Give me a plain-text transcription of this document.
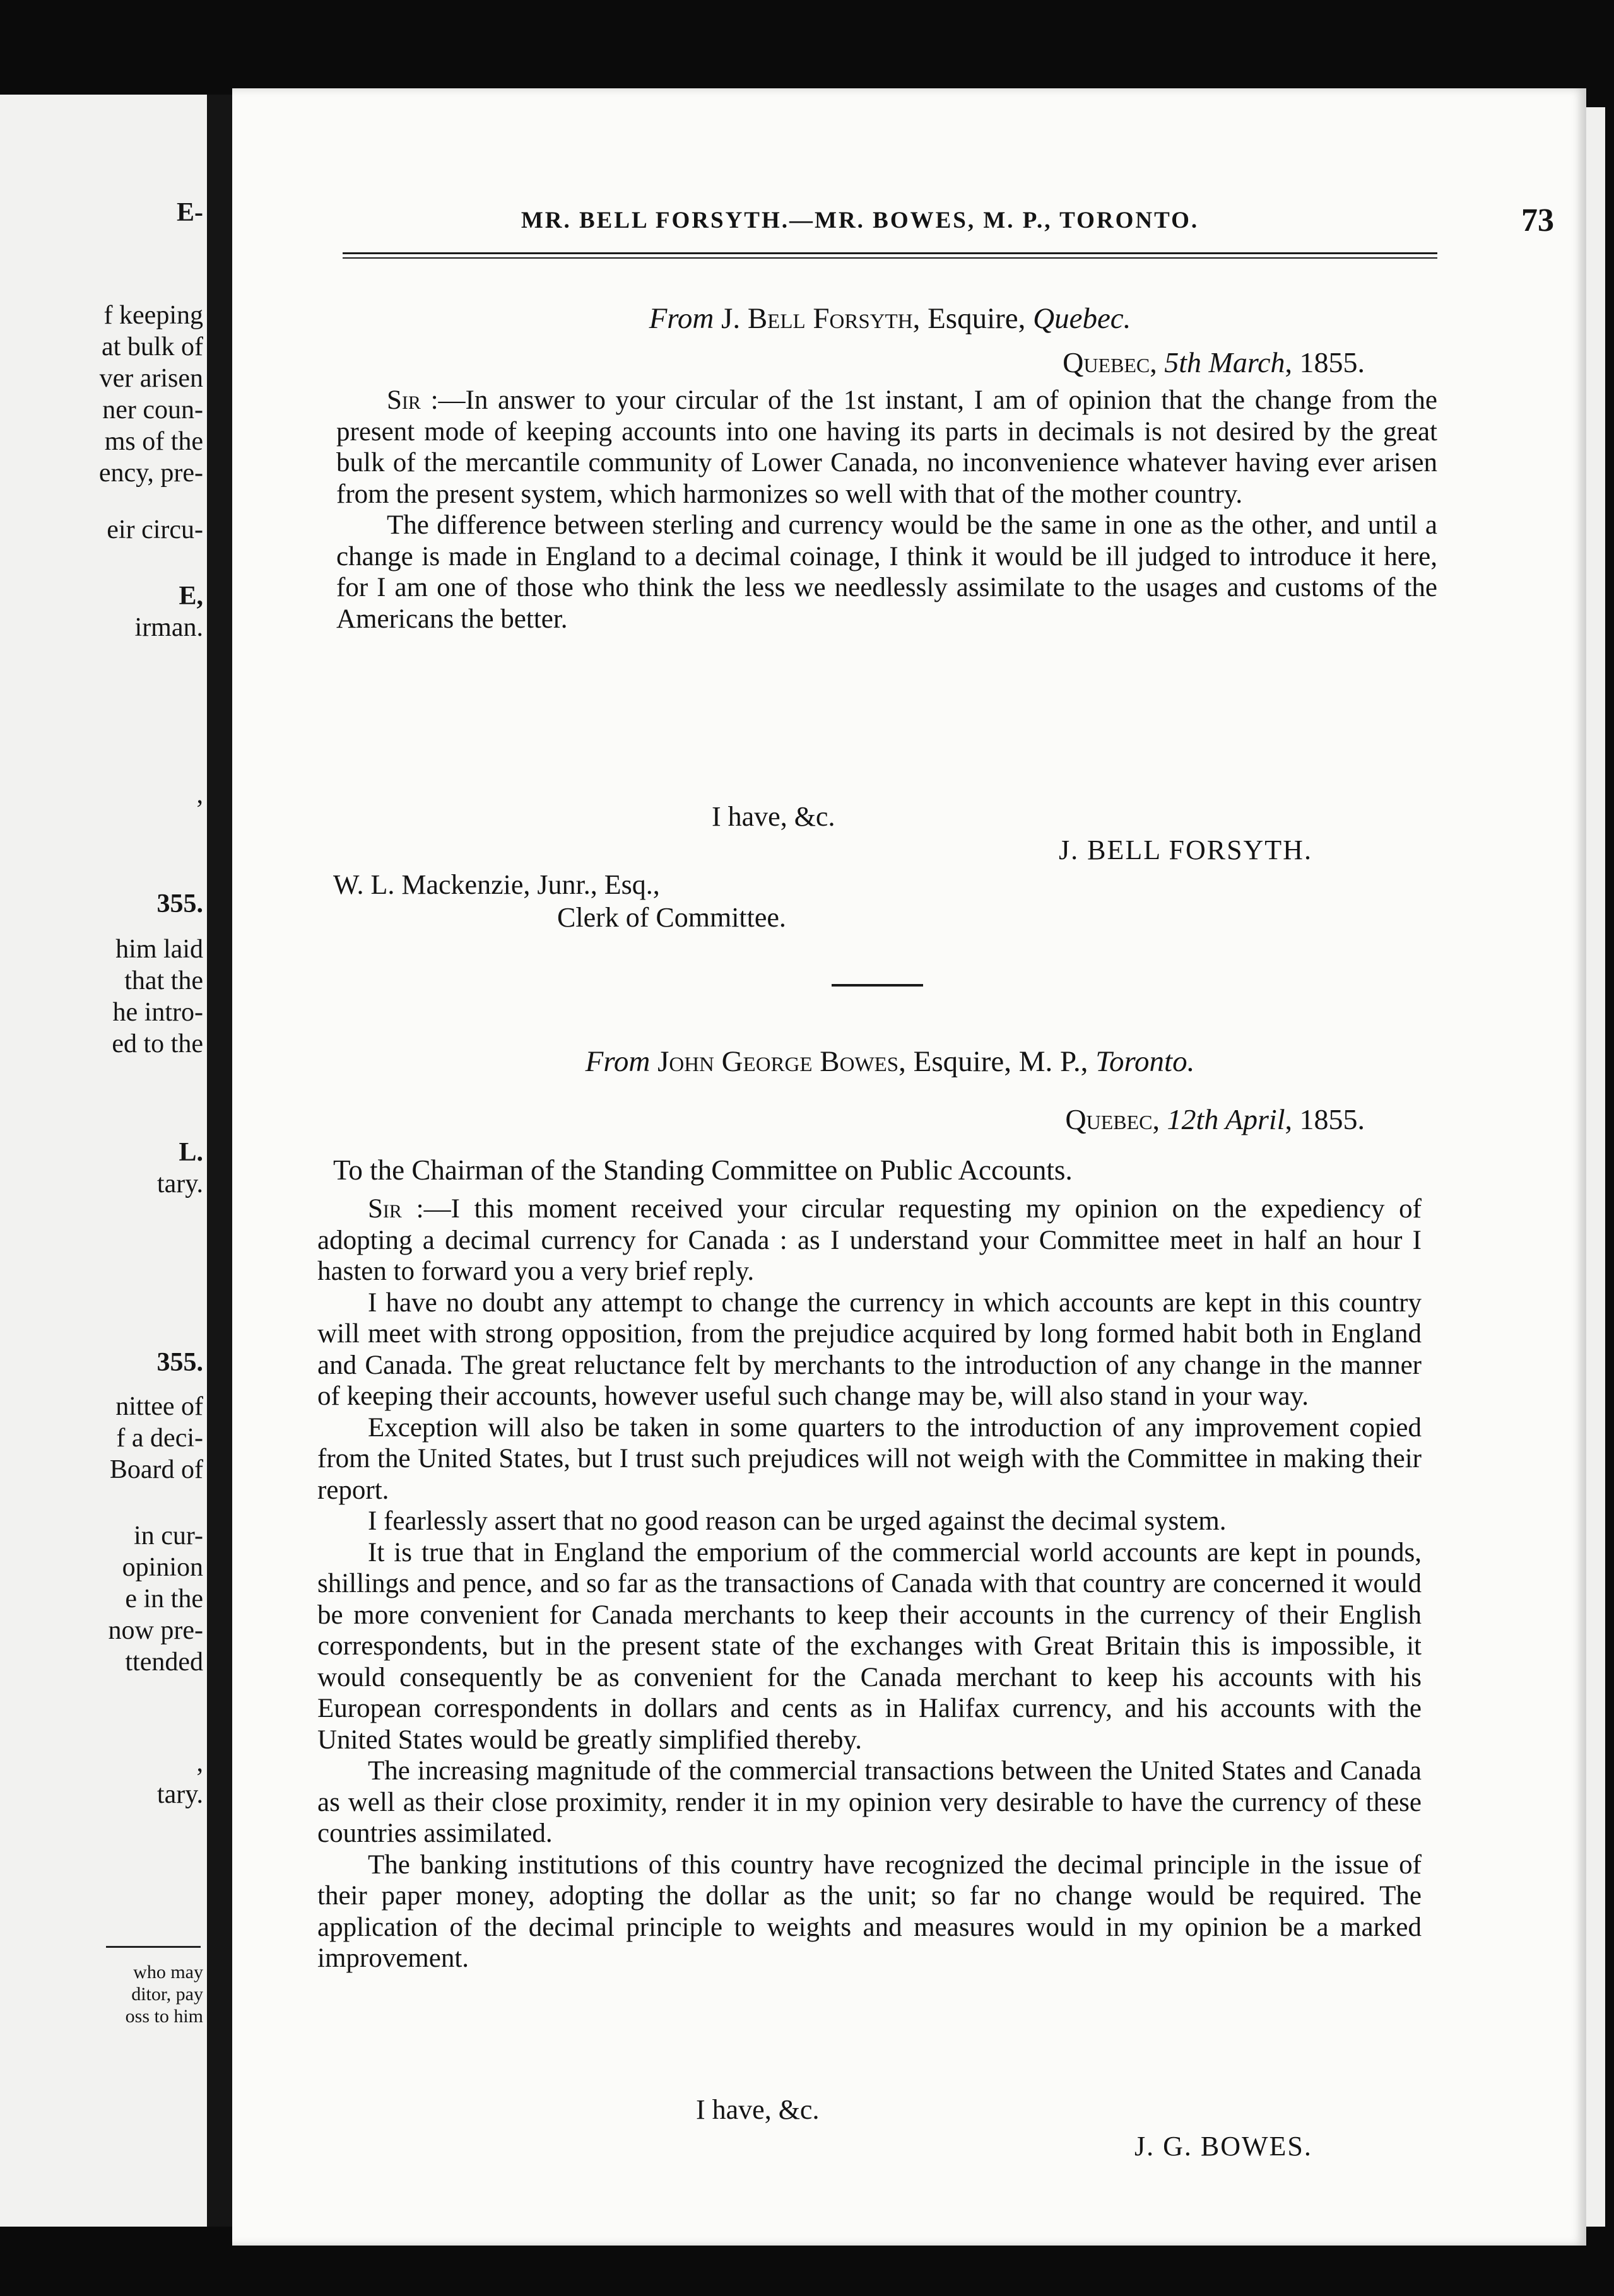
E-

f keeping

at bulk of

ver arisen

ner coun-

ms of the

ency, pre-

eir circu-

E,

irman.

,

355.

him laid

that the

he intro-

ed to the

L.

tary.

355.

nittee of

f a deci-

Board of

in cur-

opinion

e in the

now pre-

ttended

,

tary.

who may

ditor, pay

oss to him

MR. BELL FORSYTH.—MR. BOWES, M. P., TORONTO.	73

From J. Bell Forsyth, Esquire, Quebec.

Quebec, 5th March, 1855.

Sir :—In answer to your circular of the 1st instant, I am of opinion that the change from the present mode of keeping accounts into one having its parts in decimals is not desired by the great bulk of the mercantile community of Lower Canada, no inconvenience whatever having ever arisen from the present system, which harmonizes so well with that of the mother country.

The difference between sterling and currency would be the same in one as the other, and until a change is made in England to a decimal coinage, I think it would be ill judged to introduce it here, for I am one of those who think the less we needlessly assimilate to the usages and customs of the Americans the better.

I have, &c.

J. BELL FORSYTH.

W. L. Mackenzie, Junr., Esq.,

Clerk of Committee.

From John George Bowes, Esquire, M. P., Toronto.

Quebec, 12th April, 1855.

To the Chairman of the Standing Committee on Public Accounts.

Sir :—I this moment received your circular requesting my opinion on the expediency of adopting a decimal currency for Canada : as I understand your Committee meet in half an hour I hasten to forward you a very brief reply.

I have no doubt any attempt to change the currency in which accounts are kept in this country will meet with strong opposition, from the prejudice acquired by long formed habit both in England and Canada. The great reluctance felt by merchants to the introduction of any change in the manner of keeping their accounts, however useful such change may be, will also stand in your way.

Exception will also be taken in some quarters to the introduction of any improvement copied from the United States, but I trust such prejudices will not weigh with the Committee in making their report.

I fearlessly assert that no good reason can be urged against the decimal system.

It is true that in England the emporium of the commercial world accounts are kept in pounds, shillings and pence, and so far as the transactions of Canada with that country are concerned it would be more convenient for Canada merchants to keep their accounts in the currency of their English correspondents, but in the present state of the exchanges with Great Britain this is impossible, it would consequently be as convenient for the Canada merchant to keep his accounts with his European correspondents in dollars and cents as in Halifax currency, and his accounts with the United States would be greatly simplified thereby.

The increasing magnitude of the commercial transactions between the United States and Canada as well as their close proximity, render it in my opinion very desirable to have the currency of these countries assimilated.

The banking institutions of this country have recognized the decimal principle in the issue of their paper money, adopting the dollar as the unit; so far no change would be required. The application of the decimal principle to weights and measures would in my opinion be a marked improvement.

I have, &c.

J. G. BOWES.
